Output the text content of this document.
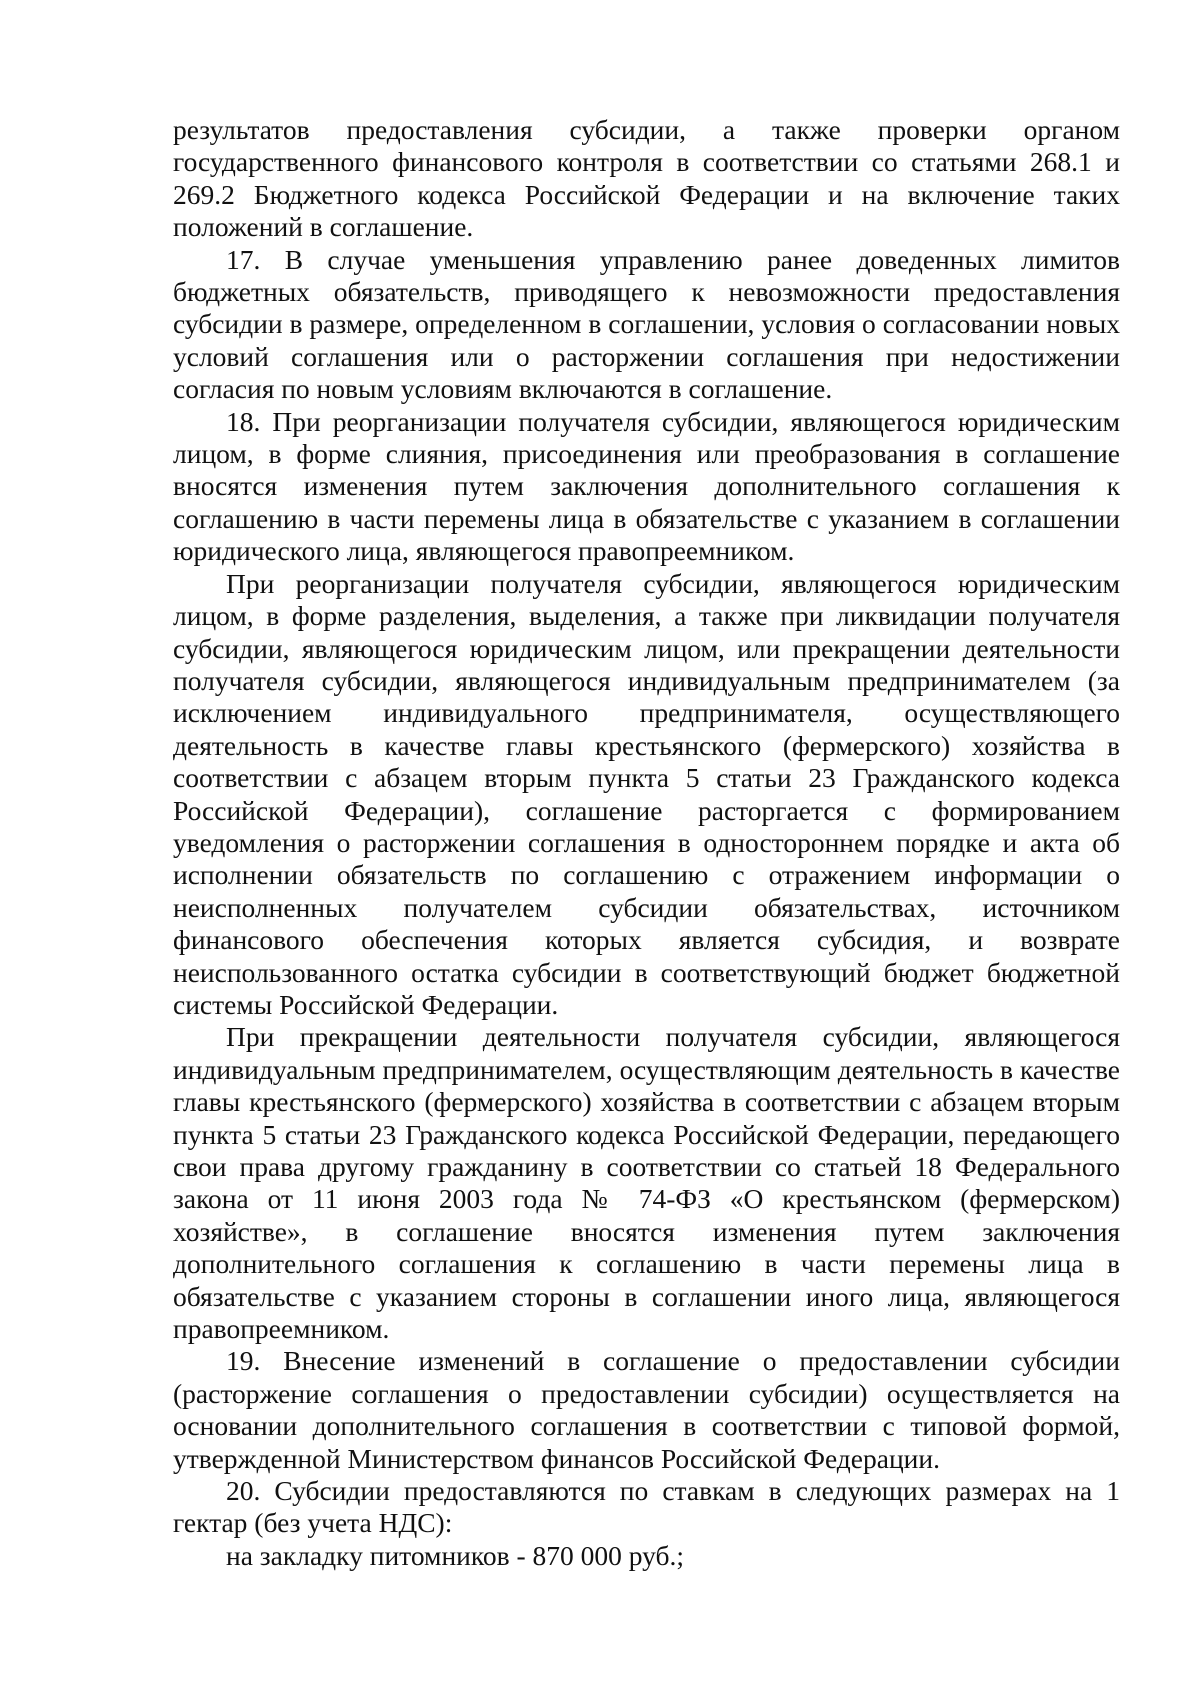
результатов предоставления субсидии, а также проверки органом государственного финансового контроля в соответствии со статьями 268.1 и 269.2 Бюджетного кодекса Российской Федерации и на включение таких положений в соглашение.

17. В случае уменьшения управлению ранее доведенных лимитов бюджетных обязательств, приводящего к невозможности предоставления субсидии в размере, определенном в соглашении, условия о согласовании новых условий соглашения или о расторжении соглашения при недостижении согласия по новым условиям включаются в соглашение.

18. При реорганизации получателя субсидии, являющегося юридическим лицом, в форме слияния, присоединения или преобразования в соглашение вносятся изменения путем заключения дополнительного соглашения к соглашению в части перемены лица в обязательстве с указанием в соглашении юридического лица, являющегося правопреемником.

При реорганизации получателя субсидии, являющегося юридическим лицом, в форме разделения, выделения, а также при ликвидации получателя субсидии, являющегося юридическим лицом, или прекращении деятельности получателя субсидии, являющегося индивидуальным предпринимателем (за исключением индивидуального предпринимателя, осуществляющего деятельность в качестве главы крестьянского (фермерского) хозяйства в соответствии с абзацем вторым пункта 5 статьи 23 Гражданского кодекса Российской Федерации), соглашение расторгается с формированием уведомления о расторжении соглашения в одностороннем порядке и акта об исполнении обязательств по соглашению с отражением информации о неисполненных получателем субсидии обязательствах, источником финансового обеспечения которых является субсидия, и возврате неиспользованного остатка субсидии в соответствующий бюджет бюджетной системы Российской Федерации.

При прекращении деятельности получателя субсидии, являющегося индивидуальным предпринимателем, осуществляющим деятельность в качестве главы крестьянского (фермерского) хозяйства в соответствии с абзацем вторым пункта 5 статьи 23 Гражданского кодекса Российской Федерации, передающего свои права другому гражданину в соответствии со статьей 18 Федерального закона от 11 июня 2003 года № 74-ФЗ «О крестьянском (фермерском) хозяйстве», в соглашение вносятся изменения путем заключения дополнительного соглашения к соглашению в части перемены лица в обязательстве с указанием стороны в соглашении иного лица, являющегося правопреемником.

19. Внесение изменений в соглашение о предоставлении субсидии (расторжение соглашения о предоставлении субсидии) осуществляется на основании дополнительного соглашения в соответствии с типовой формой, утвержденной Министерством финансов Российской Федерации.

20. Субсидии предоставляются по ставкам в следующих размерах на 1 гектар (без учета НДС):

на закладку питомников - 870 000 руб.;
